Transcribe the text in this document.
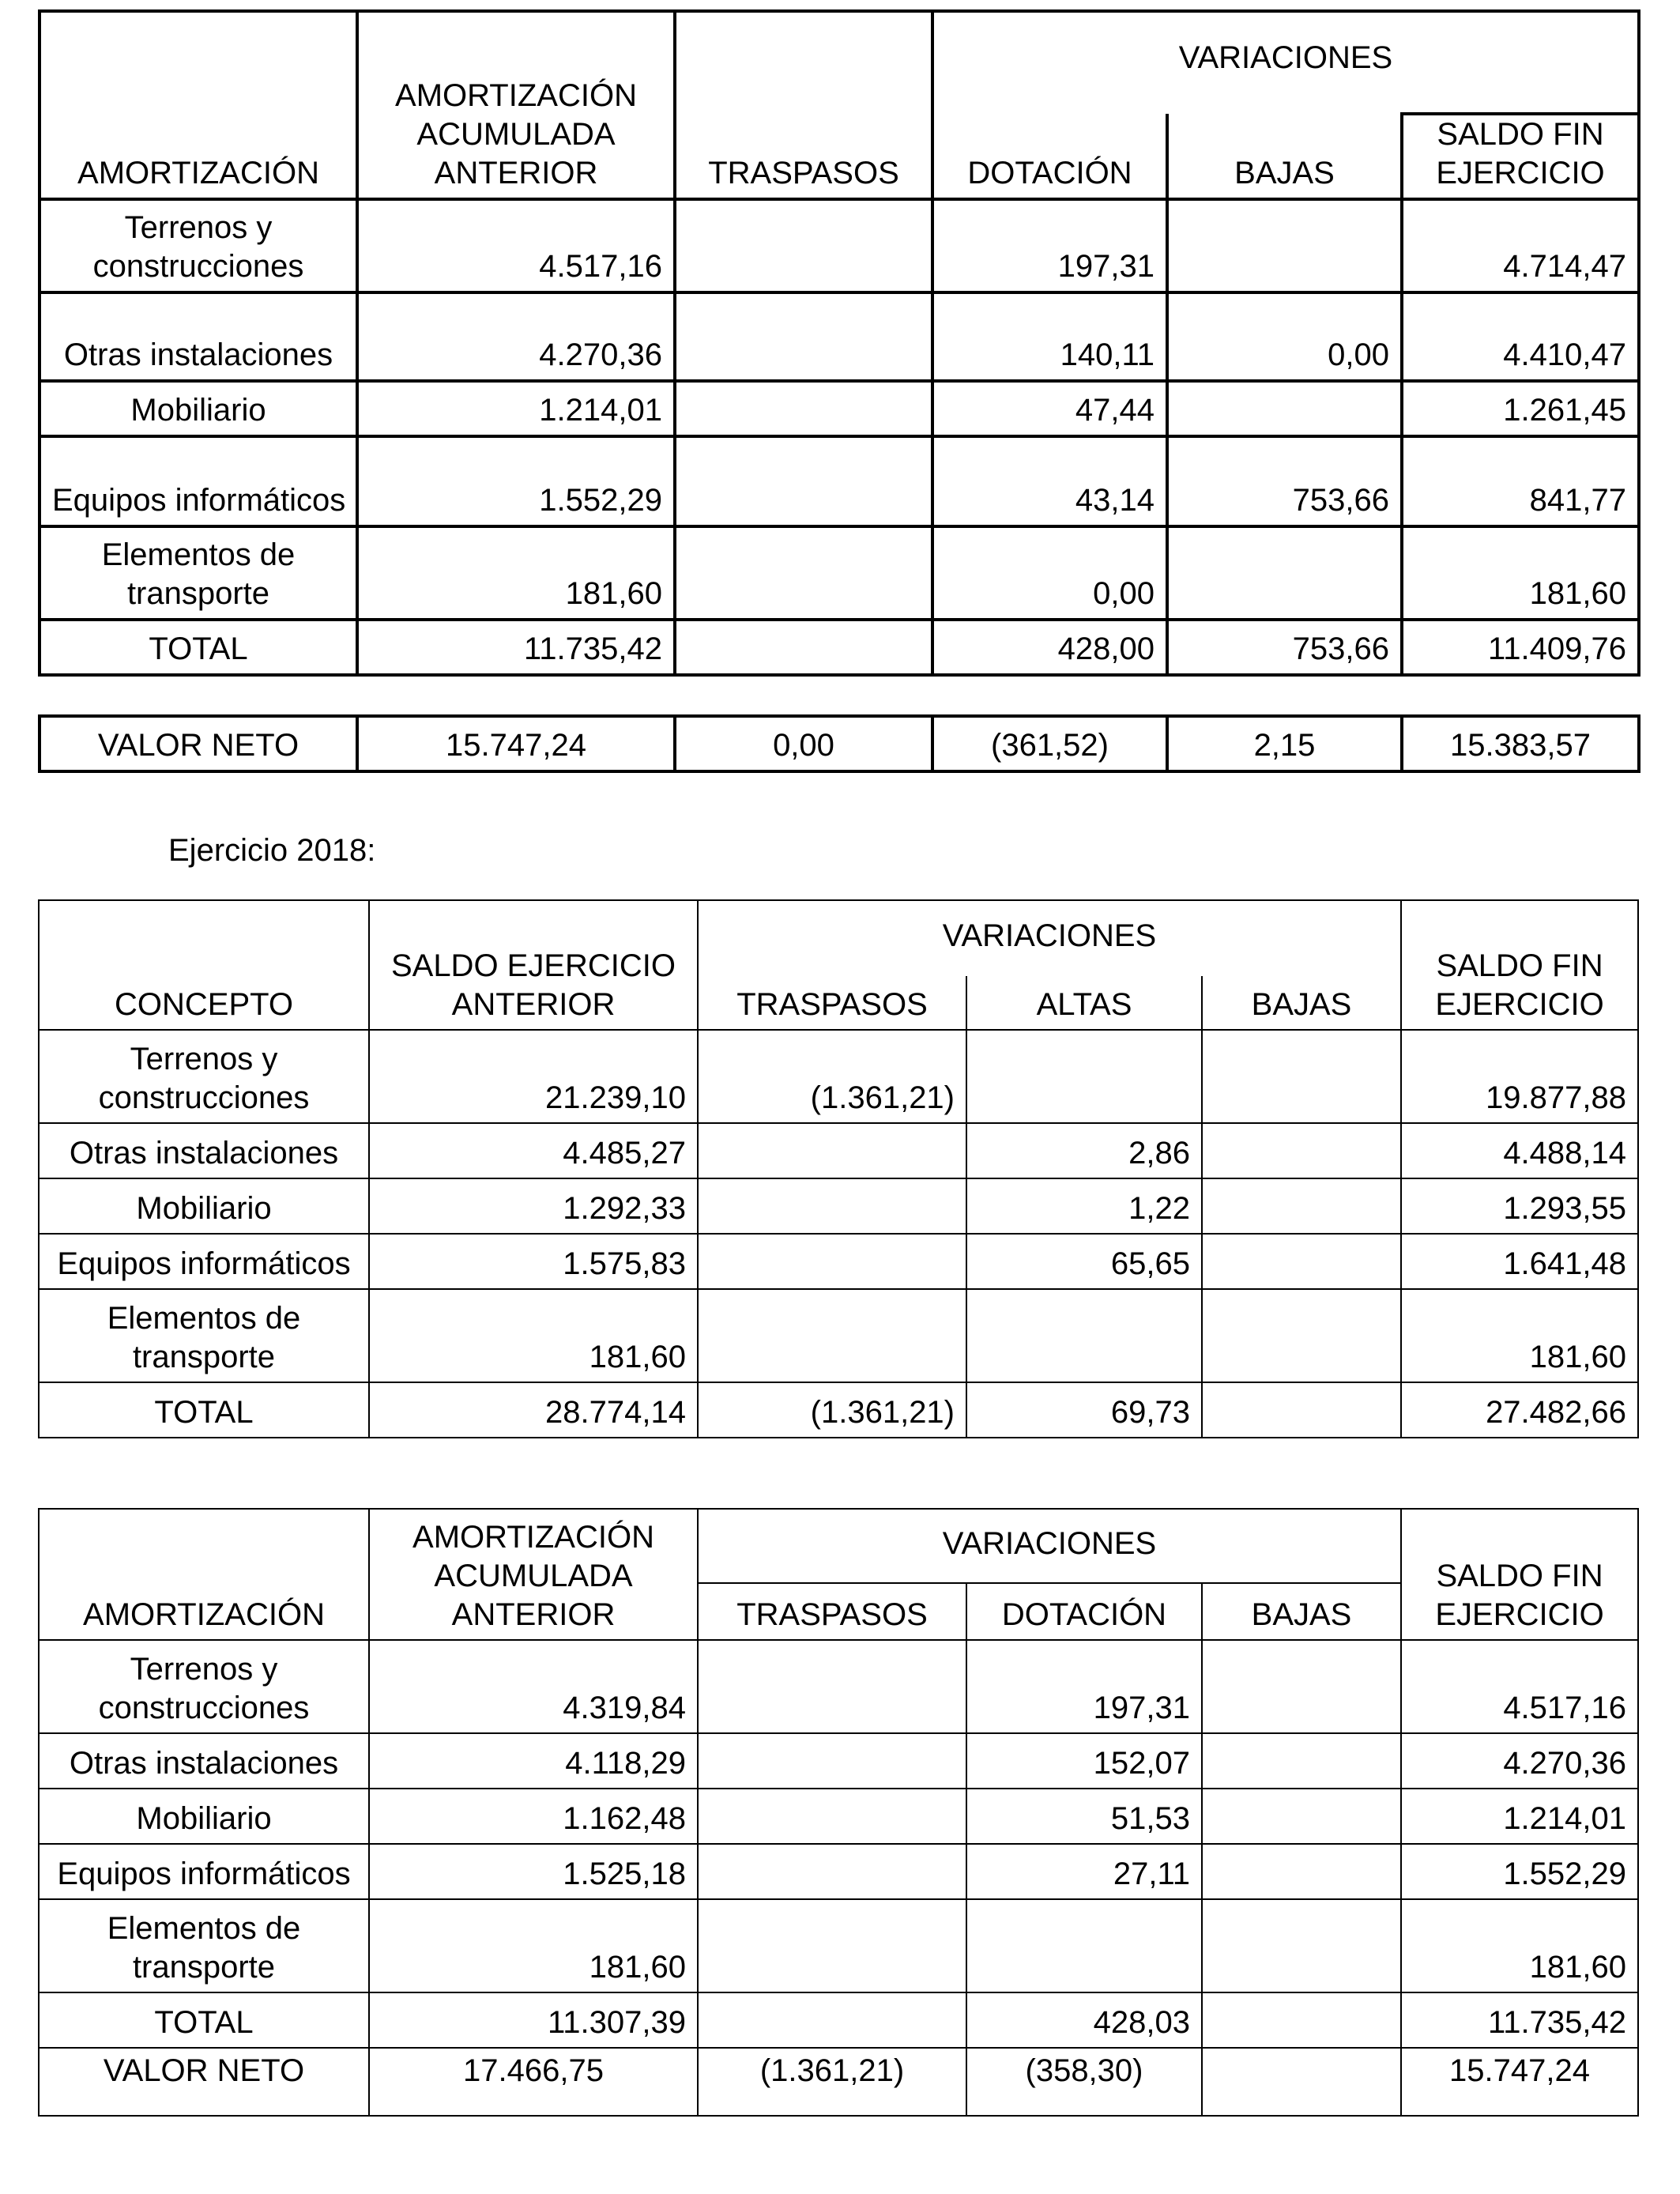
AMORTIZACIÓN	AMORTIZACIÓN ACUMULADA ANTERIOR	TRASPASOS	VARIACIONES		
			DOTACIÓN	BAJAS	SALDO FIN EJERCICIO
Terrenos y construcciones	4.517,16		197,31		4.714,47
Otras instalaciones	4.270,36		140,11	0,00	4.410,47
Mobiliario	1.214,01		47,44		1.261,45
Equipos informáticos	1.552,29		43,14	753,66	841,77
Elementos de transporte	181,60		0,00		181,60
TOTAL	11.735,42		428,00	753,66	11.409,76
VALOR NETO	15.747,24	0,00	(361,52)	2,15	15.383,57
Ejercicio 2018:
CONCEPTO	SALDO EJERCICIO ANTERIOR	VARIACIONES			SALDO FIN EJERCICIO
		TRASPASOS	ALTAS	BAJAS	
Terrenos y construcciones	21.239,10	(1.361,21)			19.877,88
Otras instalaciones	4.485,27		2,86		4.488,14
Mobiliario	1.292,33		1,22		1.293,55
Equipos informáticos	1.575,83		65,65		1.641,48
Elementos de transporte	181,60				181,60
TOTAL	28.774,14	(1.361,21)	69,73		27.482,66
AMORTIZACIÓN	AMORTIZACIÓN ACUMULADA ANTERIOR	VARIACIONES			SALDO FIN EJERCICIO
		TRASPASOS	DOTACIÓN	BAJAS	
Terrenos y construcciones	4.319,84		197,31		4.517,16
Otras instalaciones	4.118,29		152,07		4.270,36
Mobiliario	1.162,48		51,53		1.214,01
Equipos informáticos	1.525,18		27,11		1.552,29
Elementos de transporte	181,60				181,60
TOTAL	11.307,39		428,03		11.735,42
VALOR NETO	17.466,75	(1.361,21)	(358,30)		15.747,24
